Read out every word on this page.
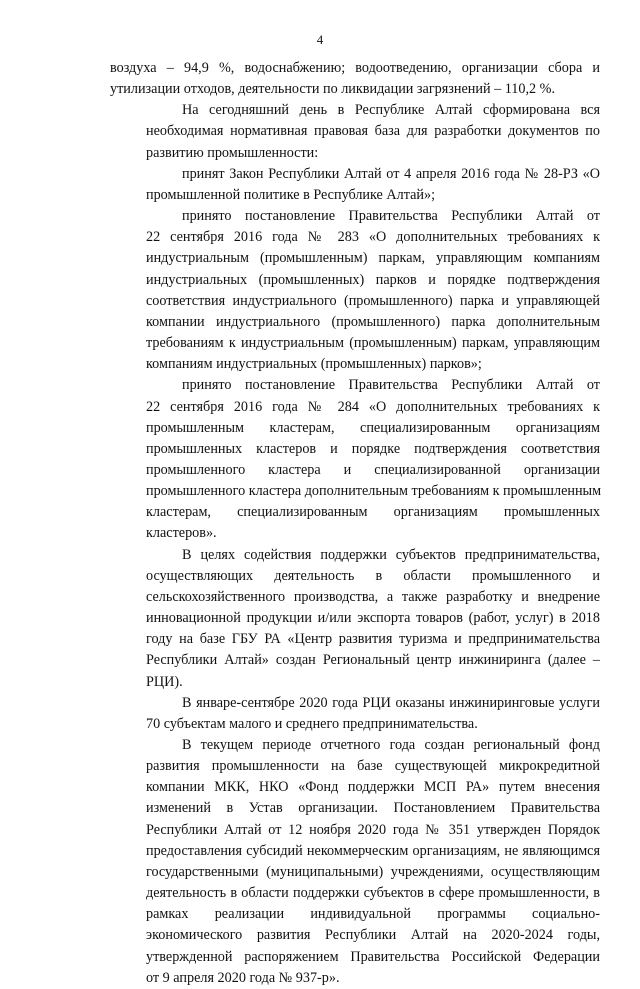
4
воздуха – 94,9 %, водоснабжению; водоотведению, организации сбора и
утилизации отходов, деятельности по ликвидации загрязнений – 110,2 %.
На сегодняшний день в Республике Алтай сформирована вся
необходимая нормативная правовая база для разработки документов по
развитию промышленности:
принят Закон Республики Алтай от 4 апреля 2016 года № 28-РЗ «О
промышленной политике в Республике Алтай»;
принято постановление Правительства Республики Алтай от
22 сентября 2016 года № 283 «О дополнительных требованиях к
индустриальным (промышленным) паркам, управляющим компаниям
индустриальных (промышленных) парков и порядке подтверждения
соответствия индустриального (промышленного) парка и управляющей
компании индустриального (промышленного) парка дополнительным
требованиям к индустриальным (промышленным) паркам, управляющим
компаниям индустриальных (промышленных) парков»;
принято постановление Правительства Республики Алтай от
22 сентября 2016 года № 284 «О дополнительных требованиях к
промышленным кластерам, специализированным организациям
промышленных кластеров и порядке подтверждения соответствия
промышленного кластера и специализированной организации
промышленного кластера дополнительным требованиям к промышленным
кластерам, специализированным организациям промышленных
кластеров».
В целях содействия поддержки субъектов предпринимательства,
осуществляющих деятельность в области промышленного и
сельскохозяйственного производства, а также разработку и внедрение
инновационной продукции и/или экспорта товаров (работ, услуг) в 2018
году на базе ГБУ РА «Центр развития туризма и предпринимательства
Республики Алтай» создан Региональный центр инжиниринга (далее –
РЦИ).
В январе-сентябре 2020 года РЦИ оказаны инжиниринговые услуги
70 субъектам малого и среднего предпринимательства.
В текущем периоде отчетного года создан региональный фонд
развития промышленности на базе существующей микрокредитной
компании МКК, НКО «Фонд поддержки МСП РА» путем внесения
изменений в Устав организации. Постановлением Правительства
Республики Алтай от 12 ноября 2020 года № 351 утвержден Порядок
предоставления субсидий некоммерческим организациям, не являющимся
государственными (муниципальными) учреждениями, осуществляющим
деятельность в области поддержки субъектов в сфере промышленности, в
рамках реализации индивидуальной программы социально-
экономического развития Республики Алтай на 2020-2024 годы,
утвержденной распоряжением Правительства Российской Федерации
от 9 апреля 2020 года № 937-р».
